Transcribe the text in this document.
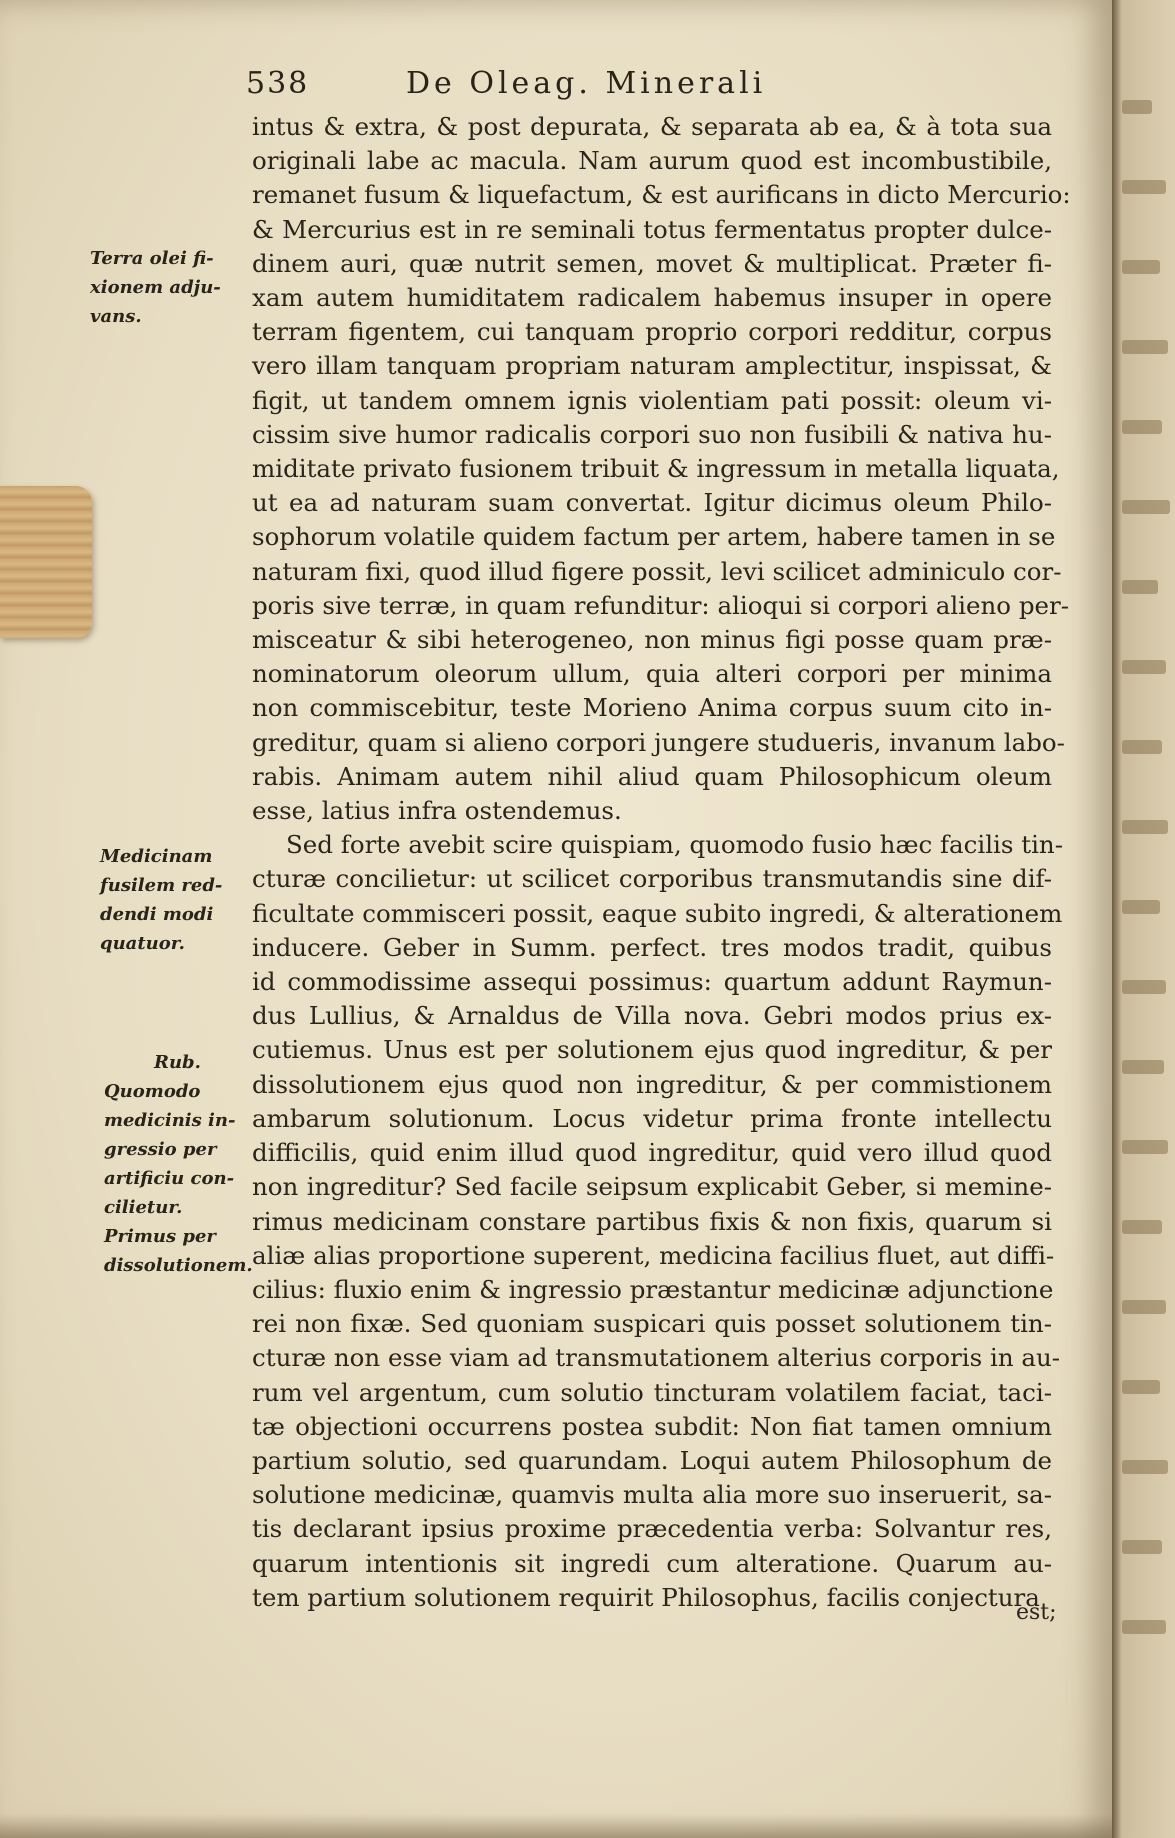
538	De Oleag. Minerali
Terra olei fi-
xionem adju-
vans.
Medicinam
fusilem red-
dendi modi
quatuor.
Rub.
Quomodo
medicinis in-
gressio per
artificiu con-
cilietur.
Primus per
dissolutionem.
intus & extra, & post depurata, & separata ab ea, & à tota sua
originali labe ac macula. Nam aurum quod est incombustibile,
remanet fusum & liquefactum, & est aurificans in dicto Mercurio:
& Mercurius est in re seminali totus fermentatus propter dulce-
dinem auri, quæ nutrit semen, movet & multiplicat. Præter fi-
xam autem humiditatem radicalem habemus insuper in opere
terram figentem, cui tanquam proprio corpori redditur, corpus
vero illam tanquam propriam naturam amplectitur, inspissat, &
figit, ut tandem omnem ignis violentiam pati possit: oleum vi-
cissim sive humor radicalis corpori suo non fusibili & nativa hu-
miditate privato fusionem tribuit & ingressum in metalla liquata,
ut ea ad naturam suam convertat. Igitur dicimus oleum Philo-
sophorum volatile quidem factum per artem, habere tamen in se
naturam fixi, quod illud figere possit, levi scilicet adminiculo cor-
poris sive terræ, in quam refunditur: alioqui si corpori alieno per-
misceatur & sibi heterogeneo, non minus figi posse quam præ-
nominatorum oleorum ullum, quia alteri corpori per minima
non commiscebitur, teste Morieno Anima corpus suum cito in-
greditur, quam si alieno corpori jungere studueris, invanum labo-
rabis. Animam autem nihil aliud quam Philosophicum oleum
esse, latius infra ostendemus.
Sed forte avebit scire quispiam, quomodo fusio hæc facilis tin-
cturæ concilietur: ut scilicet corporibus transmutandis sine dif-
ficultate commisceri possit, eaque subito ingredi, & alterationem
inducere. Geber in Summ. perfect. tres modos tradit, quibus
id commodissime assequi possimus: quartum addunt Raymun-
dus Lullius, & Arnaldus de Villa nova. Gebri modos prius ex-
cutiemus. Unus est per solutionem ejus quod ingreditur, & per
dissolutionem ejus quod non ingreditur, & per commistionem
ambarum solutionum. Locus videtur prima fronte intellectu
difficilis, quid enim illud quod ingreditur, quid vero illud quod
non ingreditur? Sed facile seipsum explicabit Geber, si memine-
rimus medicinam constare partibus fixis & non fixis, quarum si
aliæ alias proportione superent, medicina facilius fluet, aut diffi-
cilius: fluxio enim & ingressio præstantur medicinæ adjunctione
rei non fixæ. Sed quoniam suspicari quis posset solutionem tin-
cturæ non esse viam ad transmutationem alterius corporis in au-
rum vel argentum, cum solutio tincturam volatilem faciat, taci-
tæ objectioni occurrens postea subdit: Non fiat tamen omnium
partium solutio, sed quarundam. Loqui autem Philosophum de
solutione medicinæ, quamvis multa alia more suo inseruerit, sa-
tis declarant ipsius proxime præcedentia verba: Solvantur res,
quarum intentionis sit ingredi cum alteratione. Quarum au-
tem partium solutionem requirit Philosophus, facilis conjectura
est;
